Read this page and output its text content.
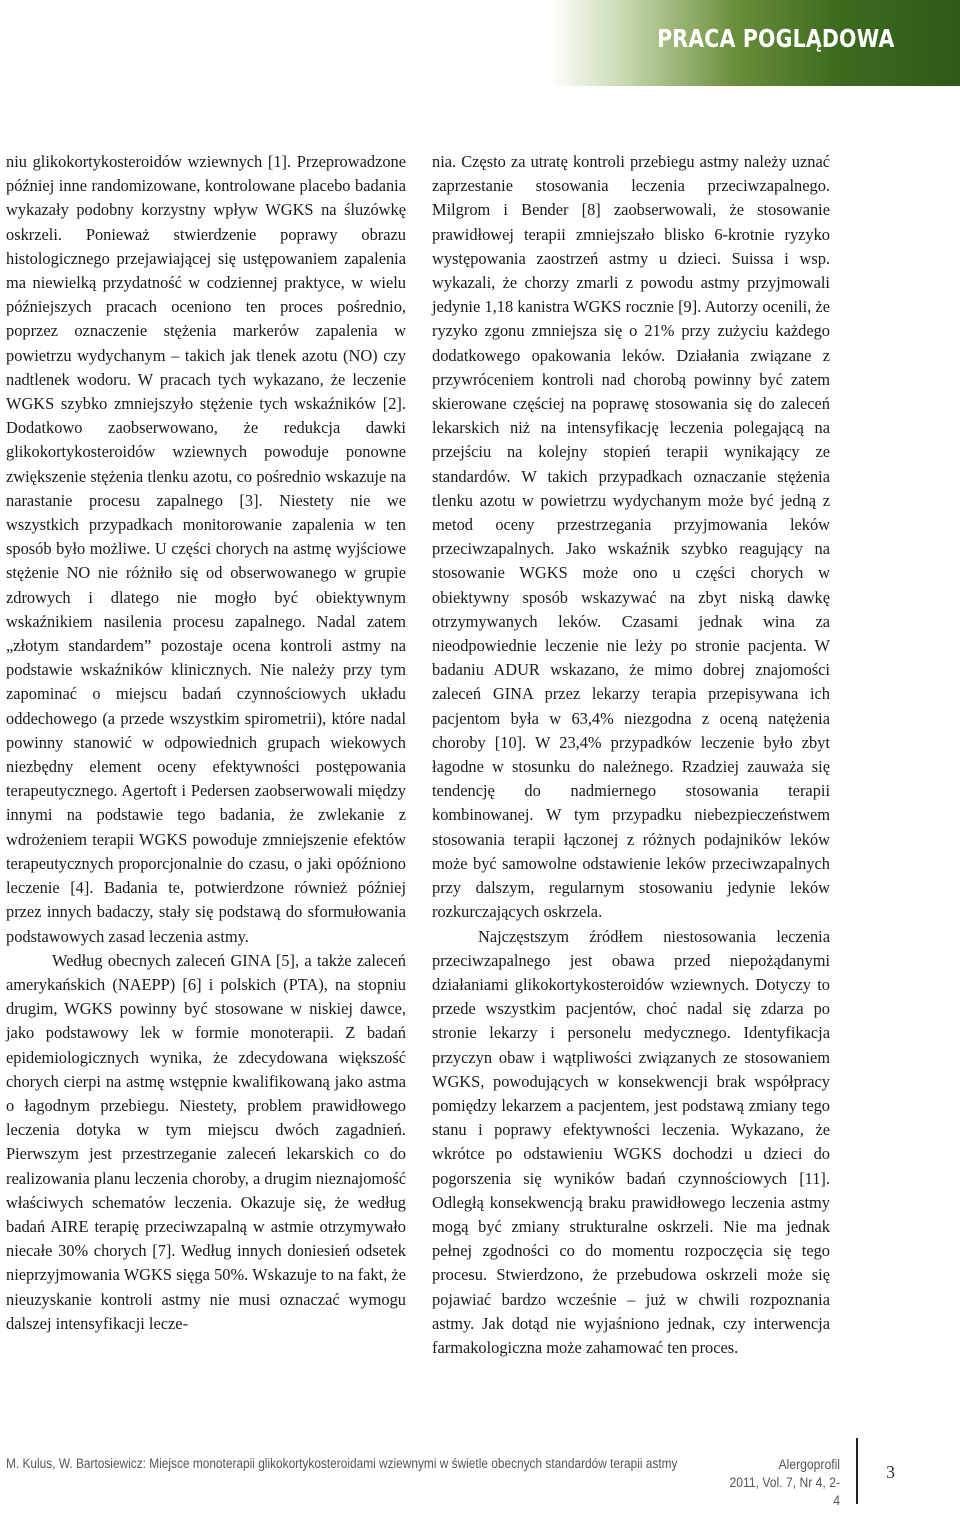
PRACA POGLĄDOWA

niu glikokortykosteroidów wziewnych [1]. Przeprowadzone później inne randomizowane, kontrolowane placebo badania wykazały podobny korzystny wpływ WGKS na śluzówkę oskrzeli. Ponieważ stwierdzenie poprawy obrazu histologicznego przejawiającej się ustępowaniem zapalenia ma niewielką przydatność w codziennej praktyce, w wielu późniejszych pracach oceniono ten proces pośrednio, poprzez oznaczenie stężenia markerów zapalenia w powietrzu wydychanym – takich jak tlenek azotu (NO) czy nadtlenek wodoru. W pracach tych wykazano, że leczenie WGKS szybko zmniejszyło stężenie tych wskaźników [2]. Dodatkowo zaobserwowano, że redukcja dawki glikokortykosteroidów wziewnych powoduje ponowne zwiększenie stężenia tlenku azotu, co pośrednio wskazuje na narastanie procesu zapalnego [3]. Niestety nie we wszystkich przypadkach monitorowanie zapalenia w ten sposób było możliwe. U części chorych na astmę wyjściowe stężenie NO nie różniło się od obserwowanego w grupie zdrowych i dlatego nie mogło być obiektywnym wskaźnikiem nasilenia procesu zapalnego. Nadal zatem „złotym standardem” pozostaje ocena kontroli astmy na podstawie wskaźników klinicznych. Nie należy przy tym zapominać o miejscu badań czynnościowych układu oddechowego (a przede wszystkim spirometrii), które nadal powinny stanowić w odpowiednich grupach wiekowych niezbędny element oceny efektywności postępowania terapeutycznego. Agertoft i Pedersen zaobserwowali między innymi na podstawie tego badania, że zwlekanie z wdrożeniem terapii WGKS powoduje zmniejszenie efektów terapeutycznych proporcjonalnie do czasu, o jaki opóźniono leczenie [4]. Badania te, potwierdzone również później przez innych badaczy, stały się podstawą do sformułowania podstawowych zasad leczenia astmy.

Według obecnych zaleceń GINA [5], a także zaleceń amerykańskich (NAEPP) [6] i polskich (PTA), na stopniu drugim, WGKS powinny być stosowane w niskiej dawce, jako podstawowy lek w formie monoterapii. Z badań epidemiologicznych wynika, że zdecydowana większość chorych cierpi na astmę wstępnie kwalifikowaną jako astma o łagodnym przebiegu. Niestety, problem prawidłowego leczenia dotyka w tym miejscu dwóch zagadnień. Pierwszym jest przestrzeganie zaleceń lekarskich co do realizowania planu leczenia choroby, a drugim nieznajomość właściwych schematów leczenia. Okazuje się, że według badań AIRE terapię przeciwzapalną w astmie otrzymywało niecałe 30% chorych [7]. Według innych doniesień odsetek nieprzyjmowania WGKS sięga 50%. Wskazuje to na fakt, że nieuzyskanie kontroli astmy nie musi oznaczać wymogu dalszej intensyfikacji lecze-

nia. Często za utratę kontroli przebiegu astmy należy uznać zaprzestanie stosowania leczenia przeciwzapalnego. Milgrom i Bender [8] zaobserwowali, że stosowanie prawidłowej terapii zmniejszało blisko 6-krotnie ryzyko występowania zaostrzeń astmy u dzieci. Suissa i wsp. wykazali, że chorzy zmarli z powodu astmy przyjmowali jedynie 1,18 kanistra WGKS rocznie [9]. Autorzy ocenili, że ryzyko zgonu zmniejsza się o 21% przy zużyciu każdego dodatkowego opakowania leków. Działania związane z przywróceniem kontroli nad chorobą powinny być zatem skierowane częściej na poprawę stosowania się do zaleceń lekarskich niż na intensyfikację leczenia polegającą na przejściu na kolejny stopień terapii wynikający ze standardów. W takich przypadkach oznaczanie stężenia tlenku azotu w powietrzu wydychanym może być jedną z metod oceny przestrzegania przyjmowania leków przeciwzapalnych. Jako wskaźnik szybko reagujący na stosowanie WGKS może ono u części chorych w obiektywny sposób wskazywać na zbyt niską dawkę otrzymywanych leków. Czasami jednak wina za nieodpowiednie leczenie nie leży po stronie pacjenta. W badaniu ADUR wskazano, że mimo dobrej znajomości zaleceń GINA przez lekarzy terapia przepisywana ich pacjentom była w 63,4% niezgodna z oceną natężenia choroby [10]. W 23,4% przypadków leczenie było zbyt łagodne w stosunku do należnego. Rzadziej zauważa się tendencję do nadmiernego stosowania terapii kombinowanej. W tym przypadku niebezpieczeństwem stosowania terapii łączonej z różnych podajników leków może być samowolne odstawienie leków przeciwzapalnych przy dalszym, regularnym stosowaniu jedynie leków rozkurczających oskrzela.

Najczęstszym źródłem niestosowania leczenia przeciwzapalnego jest obawa przed niepożądanymi działaniami glikokortykosteroidów wziewnych. Dotyczy to przede wszystkim pacjentów, choć nadal się zdarza po stronie lekarzy i personelu medycznego. Identyfikacja przyczyn obaw i wątpliwości związanych ze stosowaniem WGKS, powodujących w konsekwencji brak współpracy pomiędzy lekarzem a pacjentem, jest podstawą zmiany tego stanu i poprawy efektywności leczenia. Wykazano, że wkrótce po odstawieniu WGKS dochodzi u dzieci do pogorszenia się wyników badań czynnościowych [11]. Odległą konsekwencją braku prawidłowego leczenia astmy mogą być zmiany strukturalne oskrzeli. Nie ma jednak pełnej zgodności co do momentu rozpoczęcia się tego procesu. Stwierdzono, że przebudowa oskrzeli może się pojawiać bardzo wcześnie – już w chwili rozpoznania astmy. Jak dotąd nie wyjaśniono jednak, czy interwencja farmakologiczna może zahamować ten proces.

M. Kulus, W. Bartosiewicz: Miejsce monoterapii glikokortykosteroidami wziewnymi w świetle obecnych standardów terapii astmy	Alergoprofil
2011, Vol. 7, Nr 4, 2-4
3
